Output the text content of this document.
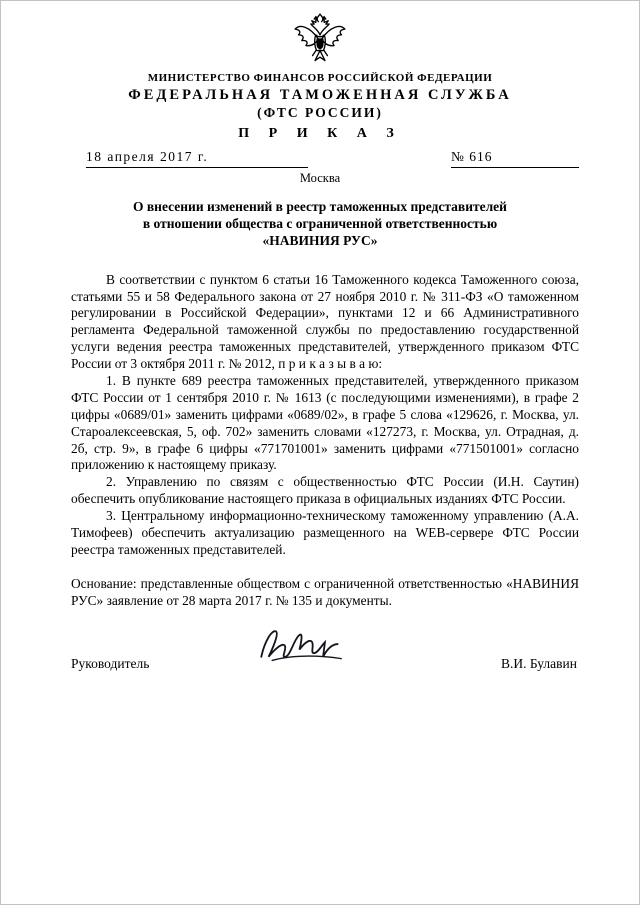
МИНИСТЕРСТВО ФИНАНСОВ РОССИЙСКОЙ ФЕДЕРАЦИИ
ФЕДЕРАЛЬНАЯ ТАМОЖЕННАЯ СЛУЖБА
(ФТС РОССИИ)
П Р И К А З
18 апреля 2017 г.	№ 616
Москва
О внесении изменений в реестр таможенных представителей
в отношении общества с ограниченной ответственностью
«НАВИНИЯ РУС»

В соответствии с пунктом 6 статьи 16 Таможенного кодекса Таможенного союза, статьями 55 и 58 Федерального закона от 27 ноября 2010 г. № 311-ФЗ «О таможенном регулировании в Российской Федерации», пунктами 12 и 66 Административного регламента Федеральной таможенной службы по предоставлению государственной услуги ведения реестра таможенных представителей, утвержденного приказом ФТС России от 3 октября 2011 г. № 2012, п р и к а з ы в а ю:

1. В пункте 689 реестра таможенных представителей, утвержденного приказом ФТС России от 1 сентября 2010 г. № 1613 (с последующими изменениями), в графе 2 цифры «0689/01» заменить цифрами «0689/02», в графе 5 слова «129626, г. Москва, ул. Староалексеевская, 5, оф. 702» заменить словами «127273, г. Москва, ул. Отрадная, д. 2б, стр. 9», в графе 6 цифры «771701001» заменить цифрами «771501001» согласно приложению к настоящему приказу.

2. Управлению по связям с общественностью ФТС России (И.Н. Саутин) обеспечить опубликование настоящего приказа в официальных изданиях ФТС России.

3. Центральному информационно-техническому таможенному управлению (А.А. Тимофеев) обеспечить актуализацию размещенного на WEB-сервере ФТС России реестра таможенных представителей.

Основание: представленные обществом с ограниченной ответственностью «НАВИНИЯ РУС» заявление от 28 марта 2017 г. № 135 и документы.

Руководитель	В.И. Булавин
